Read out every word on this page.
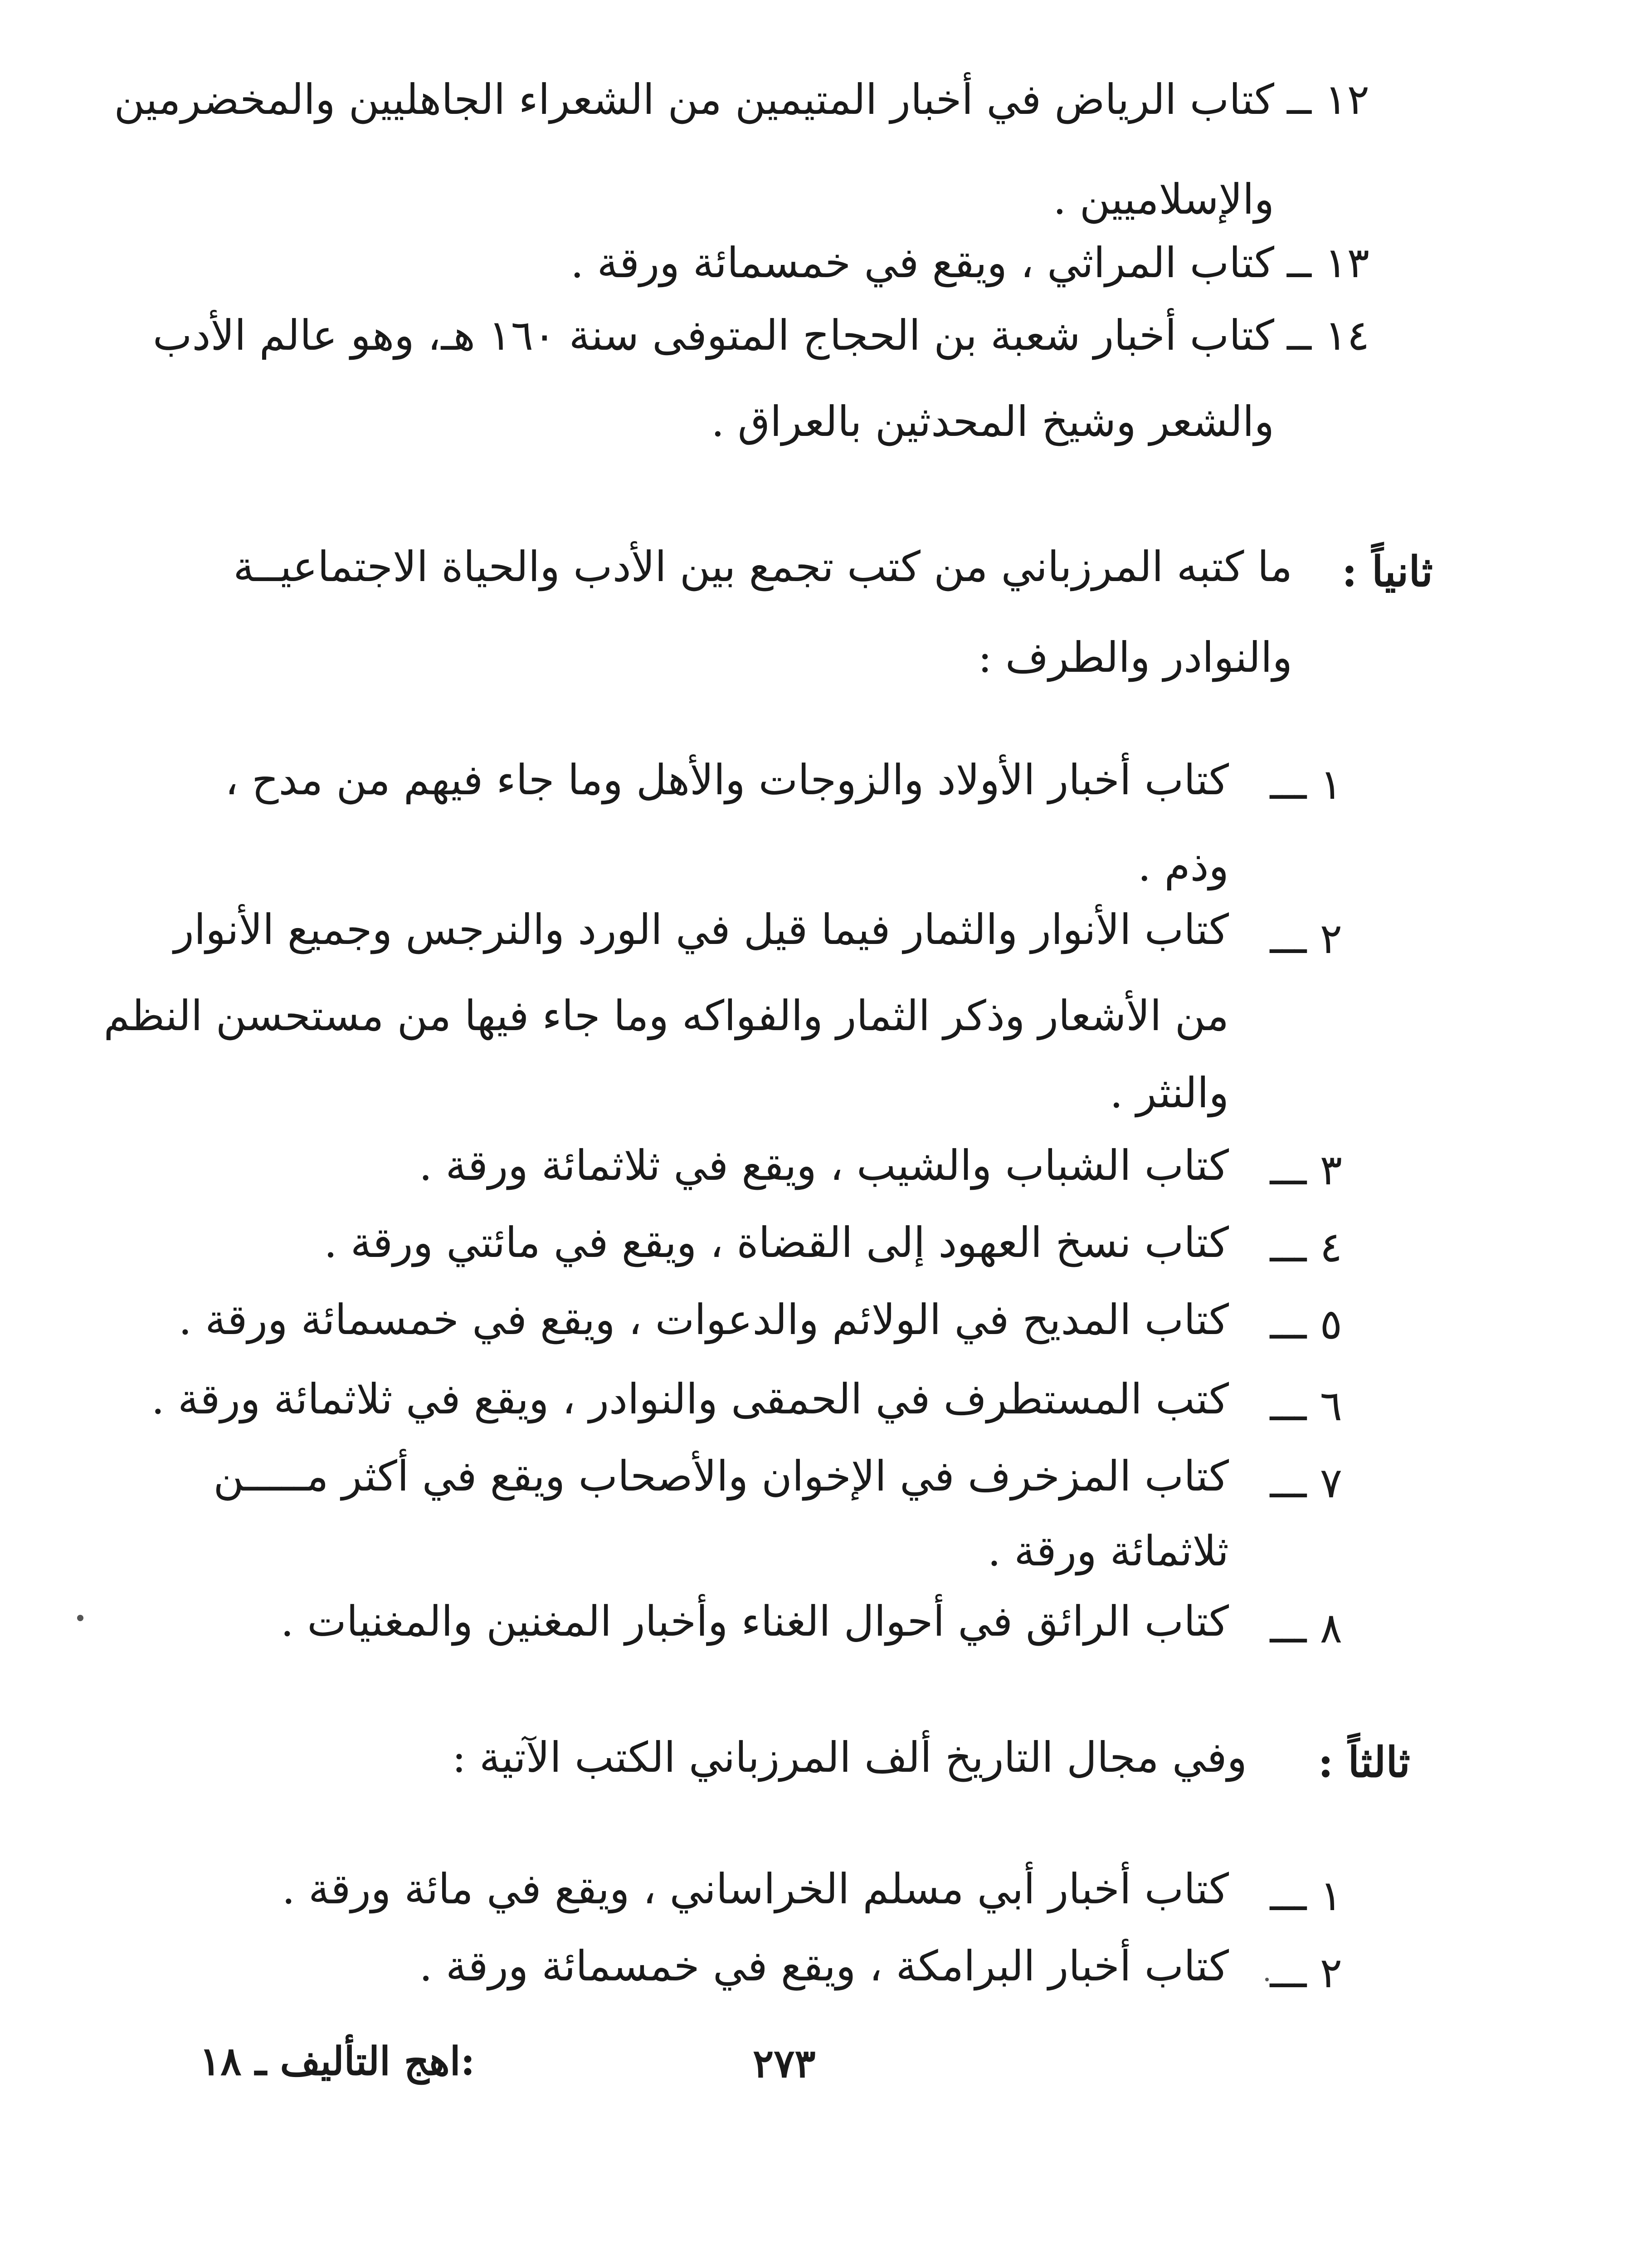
١٢ ــ
كتاب الرياض في أخبار المتيمين من الشعراء الجاهليين والمخضرمين
والإسلاميين .
١٣ ــ
كتاب المراثي ، ويقع في خمسمائة ورقة .
١٤ ــ
كتاب أخبار شعبة بن الحجاج المتوفى سنة ١٦٠ هـ، وهو عالم الأدب
والشعر وشيخ المحدثين بالعراق .
ثانياً :
ما كتبه المرزباني من كتب تجمع بين الأدب والحياة الاجتماعيــة
والنوادر والطرف :
١ ـــ
كتاب أخبار الأولاد والزوجات والأهل وما جاء فيهم من مدح ،
وذم .
٢ ـــ
كتاب الأنوار والثمار فيما قيل في الورد والنرجس وجميع الأنوار
من الأشعار وذكر الثمار والفواكه وما جاء فيها من مستحسن النظم
والنثر .
٣ ـــ
كتاب الشباب والشيب ، ويقع في ثلاثمائة ورقة .
٤ ـــ
كتاب نسخ العهود إلى القضاة ، ويقع في مائتي ورقة .
٥ ـــ
كتاب المديح في الولائم والدعوات ، ويقع في خمسمائة ورقة .
٦ ـــ
كتب المستطرف في الحمقى والنوادر ، ويقع في ثلاثمائة ورقة .
٧ ـــ
كتاب المزخرف في الإخوان والأصحاب ويقع في أكثر مـــــن
ثلاثمائة ورقة .
٨ ـــ
كتاب الرائق في أحوال الغناء وأخبار المغنين والمغنيات .
ثالثاً :
وفي مجال التاريخ ألف المرزباني الكتب الآتية :
١ ـــ
كتاب أخبار أبي مسلم الخراساني ، ويقع في مائة ورقة .
٢ ـــ
كتاب أخبار البرامكة ، ويقع في خمسمائة ورقة .
٢٧٣
:اهج التأليف ـ ١٨
